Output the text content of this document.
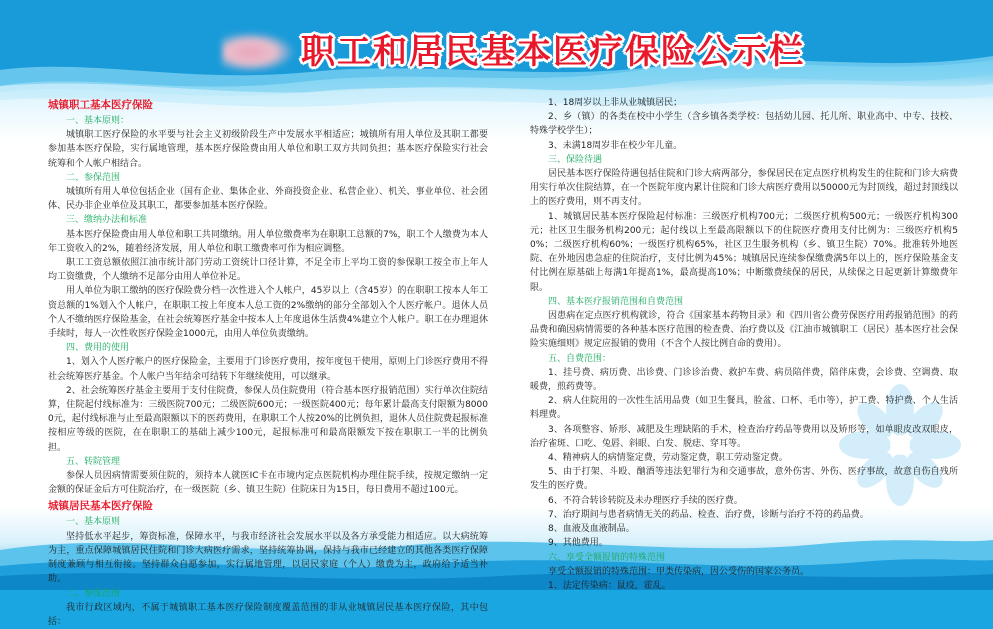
职工和居民基本医疗保险公示栏
城镇职工基本医疗保险
一、基本原则：
城镇职工医疗保险的水平要与社会主义初级阶段生产中发展水平相适应；城镇所有用人单位及其职工都要参加基本医疗保险，实行属地管理，基本医疗保险费由用人单位和职工双方共同负担；基本医疗保险实行社会统筹和个人帐户相结合。
二、参保范围
城镇所有用人单位包括企业（国有企业、集体企业、外商投资企业、私营企业）、机关、事业单位、社会团体、民办非企业单位及其职工，都要参加基本医疗保险。
三、缴纳办法和标准
基本医疗保险费由用人单位和职工共同缴纳。用人单位缴费率为在职职工总额的7%，职工个人缴费为本人年工资收入的2%，随着经济发展，用人单位和职工缴费率可作为相应调整。
职工工资总额依照江油市统计部门劳动工资统计口径计算，不足全市上平均工资的参保职工按全市上年人均工资缴费，个人缴纳不足部分由用人单位补足。
用人单位为职工缴纳的医疗保险费分档一次性进入个人帐户，45岁以上（含45岁）的在职职工按本人年工资总额的1%划入个人帐户，在职职工按上年度本人总工资的2%缴纳的部分全部划入个人医疗帐户。退休人员个人不缴纳医疗保险基金，在社会统筹医疗基金中按本人上年度退休生活费4%建立个人帐户。职工在办理退休手续时，每人一次性收医疗保险金1000元，由用人单位负责缴纳。
四、费用的使用
1、划入个人医疗帐户的医疗保险金，主要用于门诊医疗费用，按年度包干使用，原则上门诊医疗费用不得社会统筹医疗基金。个人帐户当年结余可结转下年继续使用，可以继承。
2、社会统筹医疗基金主要用于支付住院费，参保人员住院费用（符合基本医疗报销范围）实行单次住院结算，住院起付线标准为：三级医院700元；二级医院600元；一级医院400元；每年累计最高支付限额为80000元，起付线标准与止至最高限额以下的医药费用，在职职工个人按20%的比例负担，退休人员住院费起报标准按相应等级的医院，在在职职工的基础上减少100元，起报标准可和最高限额发下按在职职工一半的比例负担。
五、转院管理
参保人员因病情需要须住院的，须持本人就医IC卡在市境内定点医院机构办理住院手续，按规定缴纳一定金额的保证金后方可住院治疗，在一级医院（乡、镇卫生院）住院床日为15日，每日费用不超过100元。
城镇居民基本医疗保险
一、基本原则
坚持低水平起步，筹资标准，保障水平，与我市经济社会发展水平以及各方承受能力相适应。以大病统筹为主，重点保障城镇居民住院和门诊大病医疗需求，坚持统筹协调，保持与我市已经建立的其他各类医疗保障制度兼顾与相互衔接。坚持群众自愿参加，实行属地管理，以居民家庭（个人）缴费为主，政府给予适当补助。
二、参保范围
我市行政区域内，不属于城镇职工基本医疗保险制度覆盖范围的非从业城镇居民基本医疗保险，其中包括：
1、18周岁以上非从业城镇居民；
2、乡（镇）的各类在校中小学生（含乡镇各类学校：包括幼儿园、托儿所、职业高中、中专、技校、特殊学校学生）；
3、未满18周岁非在校少年儿童。
三、保险待遇
居民基本医疗保险待遇包括住院和门诊大病两部分，参保居民在定点医疗机构发生的住院和门诊大病费用实行单次住院结算，在一个医院年度内累计住院和门诊大病医疗费用以50000元为封顶线，超过封顶线以上的医疗费用，则不再支付。
1、城镇居民基本医疗保险起付标准：三级医疗机构700元；二级医疗机构500元；一级医疗机构300元；社区卫生服务机构200元；起付线以上至最高限额以下的住院医疗费用支付比例为：三级医疗机构50%；二级医疗机构60%；一级医疗机构65%，社区卫生服务机构（乡、镇卫生院）70%。批准转外地医院、在外地因患急症的住院治疗，支付比例为45%；城镇居民连续参保缴费满5年以上的，医疗保险基金支付比例在原基础上每满1年提高1%，最高提高10%；中断缴费续保的居民，从续保之日起更新计算缴费年限。
四、基本医疗报销范围和自费范围
因患病在定点医疗机构就诊，符合《国家基本药物目录》和《四川省公费劳保医疗用药报销范围》的药品费和确因病情需要的各种基本医疗范围的检查费、治疗费以及《江油市城镇职工（居民）基本医疗社会保险实施细则》规定应报销的费用（不含个人按比例自命的费用）。
五、自费范围：
1、挂号费、病历费、出诊费、门诊诊治费、救护车费、病员陪伴费，陪伴床费，会诊费、空调费、取暖费，煎药费等。
2、病人住院用的一次性生活用品费（如卫生餐具，脸盆、口杯、毛巾等），护工费、特护费、个人生活料理费。
3、各项整容、矫形、减肥及生理缺陷的手术，检查治疗药品等费用以及矫形等，如单眼皮改双眼皮，治疗雀斑、口吃、兔唇、斜眼、白发、脱痣、穿耳等。
4、精神病人的病情鉴定费，劳动鉴定费，职工劳动鉴定费。
5、由于打架、斗殴、酗酒等违法犯罪行为和交通事故，意外伤害、外伤、医疗事故，故意自伤自残所发生的医疗费。
6、不符合转诊转院及未办理医疗手续的医疗费。
7、治疗期间与患者病情无关的药品、检查、治疗费，诊断与治疗不符的药品费。
8、血液及血液制品。
9、其他费用。
六、享受全额报销的特殊范围
享受全额报销的特殊范围：甲类传染病，因公受伤的国家公务员。
1、法定传染病：鼠疫，霍乱。
